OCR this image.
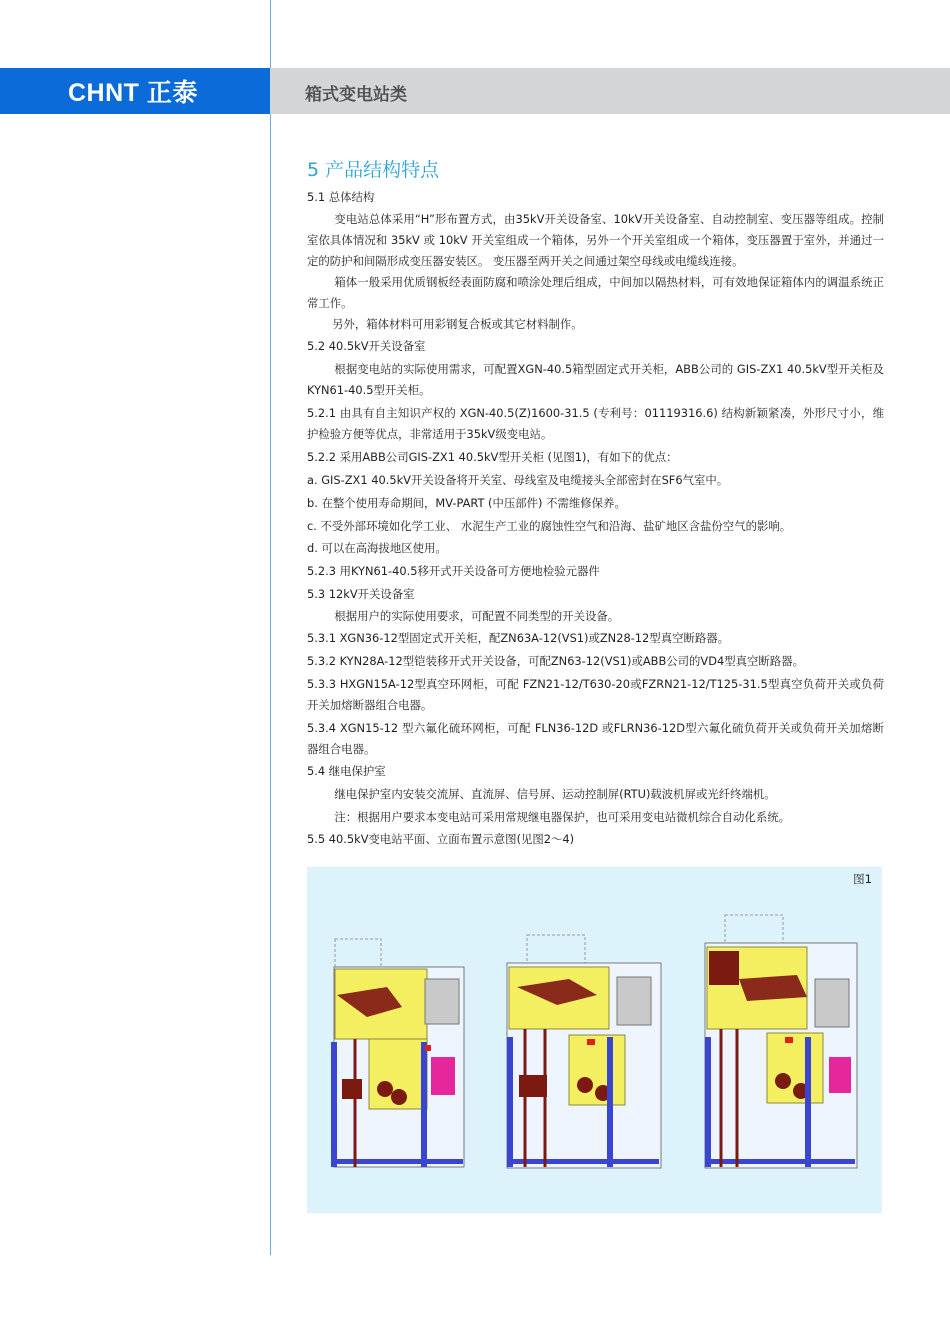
CHNT 正泰	箱式变电站类
5 产品结构特点
5.1 总体结构
变电站总体采用“H”形布置方式，由35kV开关设备室、10kV开关设备室、自动控制室、变压器等组成。控制室依具体情况和 35kV 或 10kV 开关室组成一个箱体，另外一个开关室组成一个箱体，变压器置于室外，并通过一定的防护和间隔形成变压器安装区。 变压器至两开关之间通过架空母线或电缆线连接。
箱体一般采用优质钢板经表面防腐和喷涂处理后组成，中间加以隔热材料，可有效地保证箱体内的调温系统正常工作。
另外，箱体材料可用彩钢复合板或其它材料制作。
5.2 40.5kV开关设备室
根据变电站的实际使用需求，可配置XGN-40.5箱型固定式开关柜，ABB公司的 GIS-ZX1 40.5kV型开关柜及KYN61-40.5型开关柜。
5.2.1 由具有自主知识产权的 XGN-40.5(Z)1600-31.5 (专利号：01119316.6) 结构新颖紧凑，外形尺寸小，维护检验方便等优点，非常适用于35kV级变电站。
5.2.2 采用ABB公司GIS-ZX1 40.5kV型开关柜 (见图1)，有如下的优点：
a. GIS-ZX1 40.5kV开关设备将开关室、母线室及电缆接头全部密封在SF6气室中。
b. 在整个使用寿命期间，MV-PART (中压部件) 不需维修保养。
c. 不受外部环境如化学工业、 水泥生产工业的腐蚀性空气和沿海、盐矿地区含盐份空气的影响。
d. 可以在高海拔地区使用。
5.2.3 用KYN61-40.5移开式开关设备可方便地检验元器件
5.3 12kV开关设备室
根据用户的实际使用要求，可配置不同类型的开关设备。
5.3.1 XGN36-12型固定式开关柜，配ZN63A-12(VS1)或ZN28-12型真空断路器。
5.3.2 KYN28A-12型铠装移开式开关设备，可配ZN63-12(VS1)或ABB公司的VD4型真空断路器。
5.3.3 HXGN15A-12型真空环网柜，可配 FZN21-12/T630-20或FZRN21-12/T125-31.5型真空负荷开关或负荷开关加熔断器组合电器。
5.3.4 XGN15-12 型六氟化硫环网柜，可配 FLN36-12D 或FLRN36-12D型六氟化硫负荷开关或负荷开关加熔断器组合电器。
5.4 继电保护室
继电保护室内安装交流屏、直流屏、信号屏、运动控制屏(RTU)载波机屏或光纤终端机。
注：根据用户要求本变电站可采用常规继电器保护，也可采用变电站微机综合自动化系统。
5.5 40.5kV变电站平面、立面布置示意图(见图2～4)
图1
